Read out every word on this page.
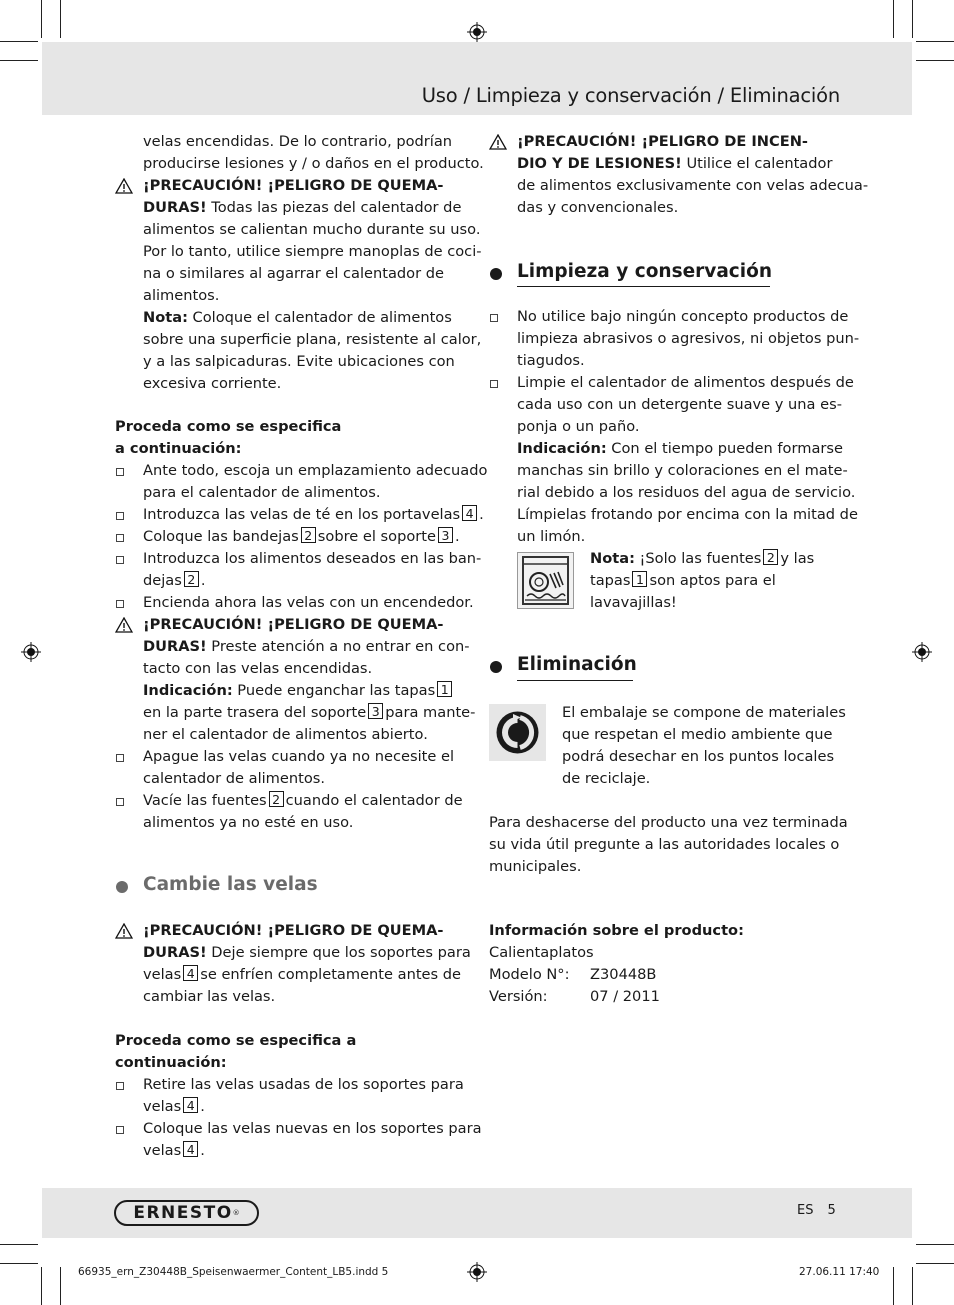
Uso / Limpieza y conservación / Eliminación
velas encendidas. De lo contrario, podrían
producirse lesiones y / o daños en el producto.
¡PRECAUCIÓN! ¡PELIGRO DE QUEMA-
DURAS! Todas las piezas del calentador de
alimentos se calientan mucho durante su uso.
Por lo tanto, utilice siempre manoplas de coci-
na o similares al agarrar el calentador de
alimentos.
Nota: Coloque el calentador de alimentos
sobre una superficie plana, resistente al calor,
y a las salpicaduras. Evite ubicaciones con
excesiva corriente.
Proceda como se especifica
a continuación:
Ante todo, escoja un emplazamiento adecuado
para el calentador de alimentos.
Introduzca las velas de té en los portavelas 4 .
Coloque las bandejas 2 sobre el soporte 3 .
Introduzca los alimentos deseados en las ban-
dejas 2 .
Encienda ahora las velas con un encendedor.
¡PRECAUCIÓN! ¡PELIGRO DE QUEMA-
DURAS! Preste atención a no entrar en con-
tacto con las velas encendidas.
Indicación: Puede enganchar las tapas 1
en la parte trasera del soporte 3 para mante-
ner el calentador de alimentos abierto.
Apague las velas cuando ya no necesite el
calentador de alimentos.
Vacíe las fuentes 2 cuando el calentador de
alimentos ya no esté en uso.
Cambie las velas
¡PRECAUCIÓN! ¡PELIGRO DE QUEMA-
DURAS! Deje siempre que los soportes para
velas 4 se enfríen completamente antes de
cambiar las velas.
Proceda como se especifica a
continuación:
Retire las velas usadas de los soportes para
velas 4 .
Coloque las velas nuevas en los soportes para
velas 4 .
¡PRECAUCIÓN! ¡PELIGRO DE INCEN-
DIO Y DE LESIONES! Utilice el calentador
de alimentos exclusivamente con velas adecua-
das y convencionales.
Limpieza y conservación
No utilice bajo ningún concepto productos de
limpieza abrasivos o agresivos, ni objetos pun-
tiagudos.
Limpie el calentador de alimentos después de
cada uso con un detergente suave y una es-
ponja o un paño.
Indicación: Con el tiempo pueden formarse
manchas sin brillo y coloraciones en el mate-
rial debido a los residuos del agua de servicio.
Límpielas frotando por encima con la mitad de
un limón.
Nota: ¡Solo las fuentes 2 y las
tapas 1 son aptos para el
lavavajillas!
Eliminación
El embalaje se compone de materiales
que respetan el medio ambiente que
podrá desechar en los puntos locales
de reciclaje.
Para deshacerse del producto una vez terminada
su vida útil pregunte a las autoridades locales o
municipales.
Información sobre el producto:
Calientaplatos
Modelo N°: Z30448B
Versión:	07 / 2011
ERNESTO ®	ES 5
66935_ern_Z30448B_Speisenwaermer_Content_LB5.indd 5	27.06.11 17:40
